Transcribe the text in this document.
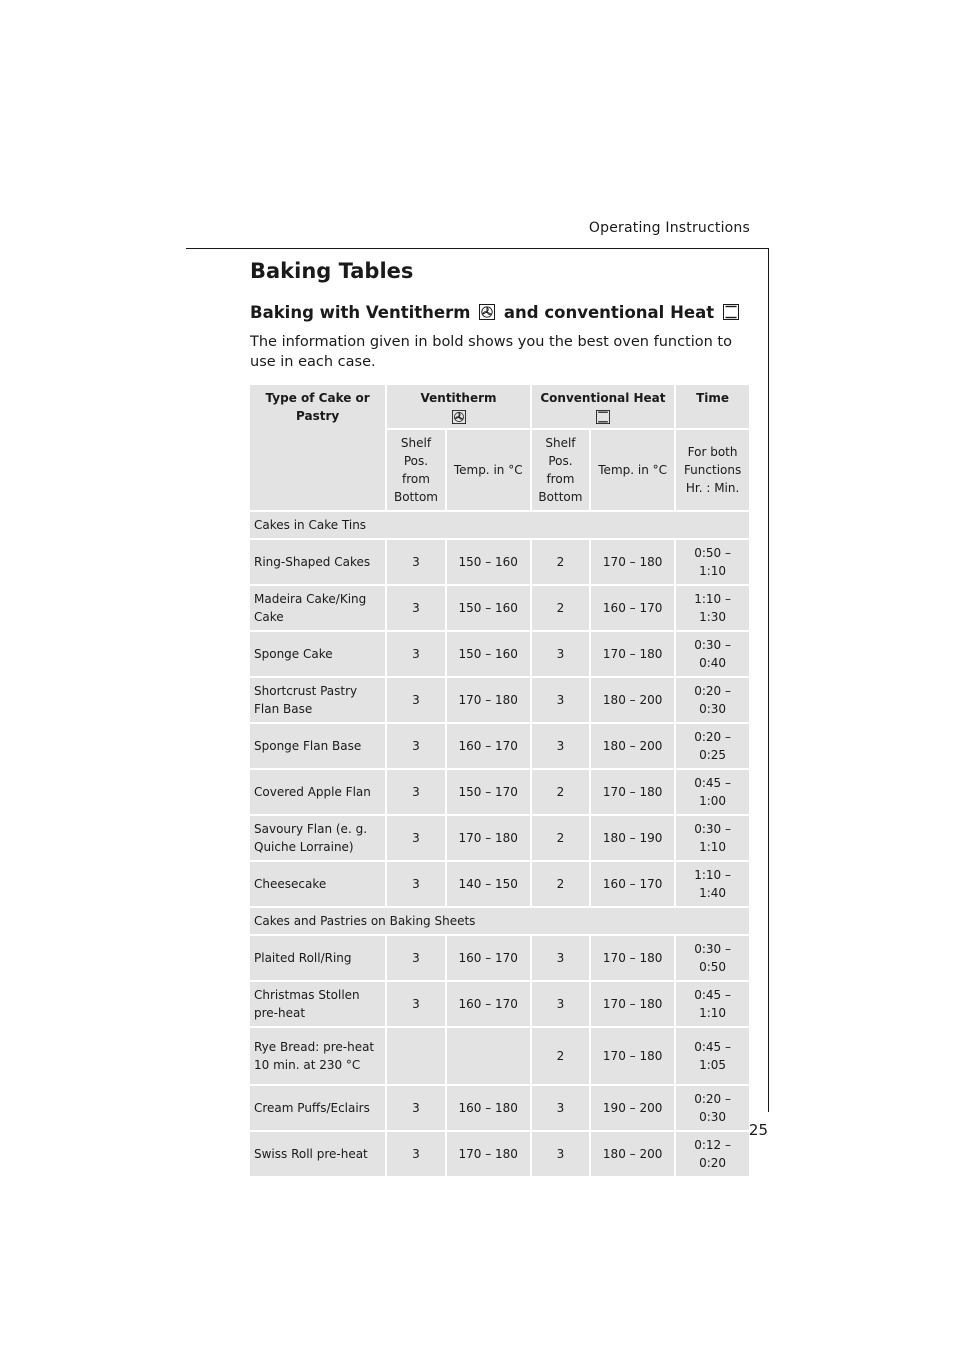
Operating Instructions
Baking Tables
Baking with Ventitherm and conventional Heat

The information given in bold shows you the best oven function to use in each case.

Type of Cake or Pastry	Ventitherm		Conventional Heat		Time
	Shelf Pos. from Bottom	Temp. in °C	Shelf Pos. from Bottom	Temp. in °C	For both Functions Hr. : Min.
Cakes in Cake Tins					
Ring-Shaped Cakes	3	150 – 160	2	170 – 180	0:50 – 1:10
Madeira Cake/King Cake	3	150 – 160	2	160 – 170	1:10 – 1:30
Sponge Cake	3	150 – 160	3	170 – 180	0:30 – 0:40
Shortcrust Pastry Flan Base	3	170 – 180	3	180 – 200	0:20 – 0:30
Sponge Flan Base	3	160 – 170	3	180 – 200	0:20 – 0:25
Covered Apple Flan	3	150 – 170	2	170 – 180	0:45 – 1:00
Savoury Flan (e. g. Quiche Lorraine)	3	170 – 180	2	180 – 190	0:30 – 1:10
Cheesecake	3	140 – 150	2	160 – 170	1:10 – 1:40
Cakes and Pastries on Baking Sheets					
Plaited Roll/Ring	3	160 – 170	3	170 – 180	0:30 – 0:50
Christmas Stollen pre-heat	3	160 – 170	3	170 – 180	0:45 – 1:10
Rye Bread: pre-heat 10 min. at 230 °C			2	170 – 180	0:45 – 1:05
Cream Puffs/Eclairs	3	160 – 180	3	190 – 200	0:20 – 0:30
Swiss Roll pre-heat	3	170 – 180	3	180 – 200	0:12 – 0:20
25
